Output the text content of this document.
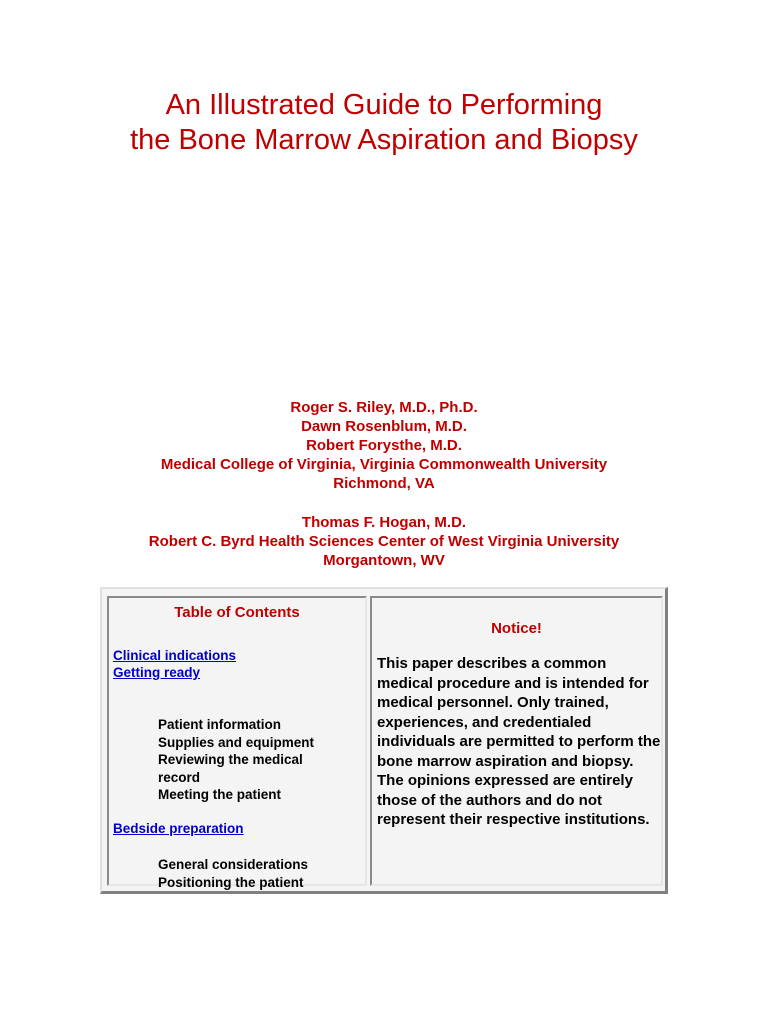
An Illustrated Guide to Performing
the Bone Marrow Aspiration and Biopsy
Roger S. Riley, M.D., Ph.D.
Dawn Rosenblum, M.D.
Robert Forysthe, M.D.
Medical College of Virginia, Virginia Commonwealth University
Richmond, VA
Thomas F. Hogan, M.D.
Robert C. Byrd Health Sciences Center of West Virginia University
Morgantown, WV
Table of Contents
Clinical indications
Getting ready
Patient information
Supplies and equipment
Reviewing the medical
record
Meeting the patient
Bedside preparation
General considerations
Positioning the patient
Notice!
This paper describes a common medical procedure and is intended for medical personnel. Only trained, experiences, and credentialed individuals are permitted to perform the bone marrow aspiration and biopsy. The opinions expressed are entirely those of the authors and do not represent their respective institutions.
